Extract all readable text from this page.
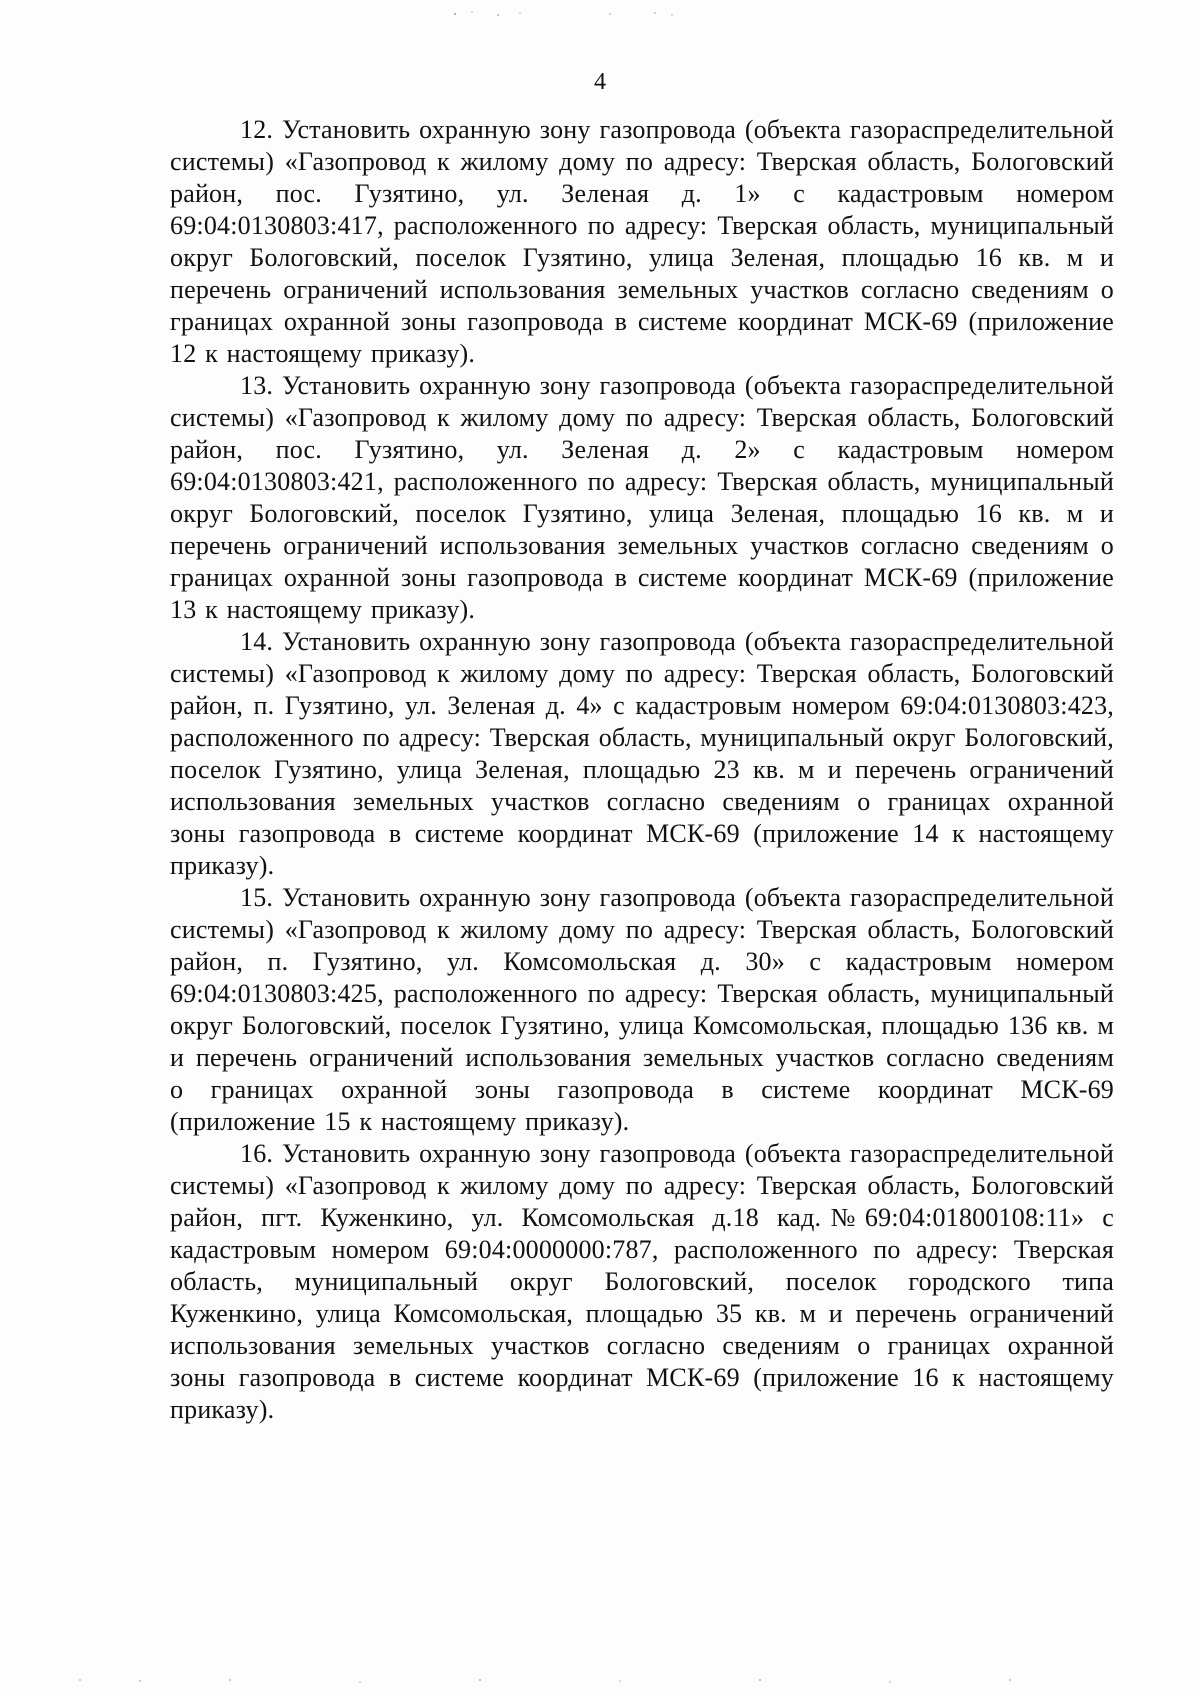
4

12. Установить охранную зону газопровода (объекта газораспределительной системы) «Газопровод к жилому дому по адресу: Тверская область, Бологовский район, пос. Гузятино, ул. Зеленая д. 1» с кадастровым номером 69:04:0130803:417, расположенного по адресу: Тверская область, муниципальный округ Бологовский, поселок Гузятино, улица Зеленая, площадью 16 кв. м и перечень ограничений использования земельных участков согласно сведениям о границах охранной зоны газопровода в системе координат МСК-69 (приложение 12 к настоящему приказу).

13. Установить охранную зону газопровода (объекта газораспределительной системы) «Газопровод к жилому дому по адресу: Тверская область, Бологовский район, пос. Гузятино, ул. Зеленая д. 2» с кадастровым номером 69:04:0130803:421, расположенного по адресу: Тверская область, муниципальный округ Бологовский, поселок Гузятино, улица Зеленая, площадью 16 кв. м и перечень ограничений использования земельных участков согласно сведениям о границах охранной зоны газопровода в системе координат МСК-69 (приложение 13 к настоящему приказу).

14. Установить охранную зону газопровода (объекта газораспределительной системы) «Газопровод к жилому дому по адресу: Тверская область, Бологовский район, п. Гузятино, ул. Зеленая д. 4» с кадастровым номером 69:04:0130803:423, расположенного по адресу: Тверская область, муниципальный округ Бологовский, поселок Гузятино, улица Зеленая, площадью 23 кв. м и перечень ограничений использования земельных участков согласно сведениям о границах охранной зоны газопровода в системе координат МСК-69 (приложение 14 к настоящему приказу).

15. Установить охранную зону газопровода (объекта газораспределительной системы) «Газопровод к жилому дому по адресу: Тверская область, Бологовский район, п. Гузятино, ул. Комсомольская д. 30» с кадастровым номером 69:04:0130803:425, расположенного по адресу: Тверская область, муниципальный округ Бологовский, поселок Гузятино, улица Комсомольская, площадью 136 кв. м и перечень ограничений использования земельных участков согласно сведениям о границах охранной зоны газопровода в системе координат МСК-69 (приложение 15 к настоящему приказу).

16. Установить охранную зону газопровода (объекта газораспределительной системы) «Газопровод к жилому дому по адресу: Тверская область, Бологовский район, пгт. Куженкино, ул. Комсомольская д.18 кад.№69:04:01800108:11» с кадастровым номером 69:04:0000000:787, расположенного по адресу: Тверская область, муниципальный округ Бологовский, поселок городского типа Куженкино, улица Комсомольская, площадью 35 кв. м и перечень ограничений использования земельных участков согласно сведениям о границах охранной зоны газопровода в системе координат МСК-69 (приложение 16 к настоящему приказу).
